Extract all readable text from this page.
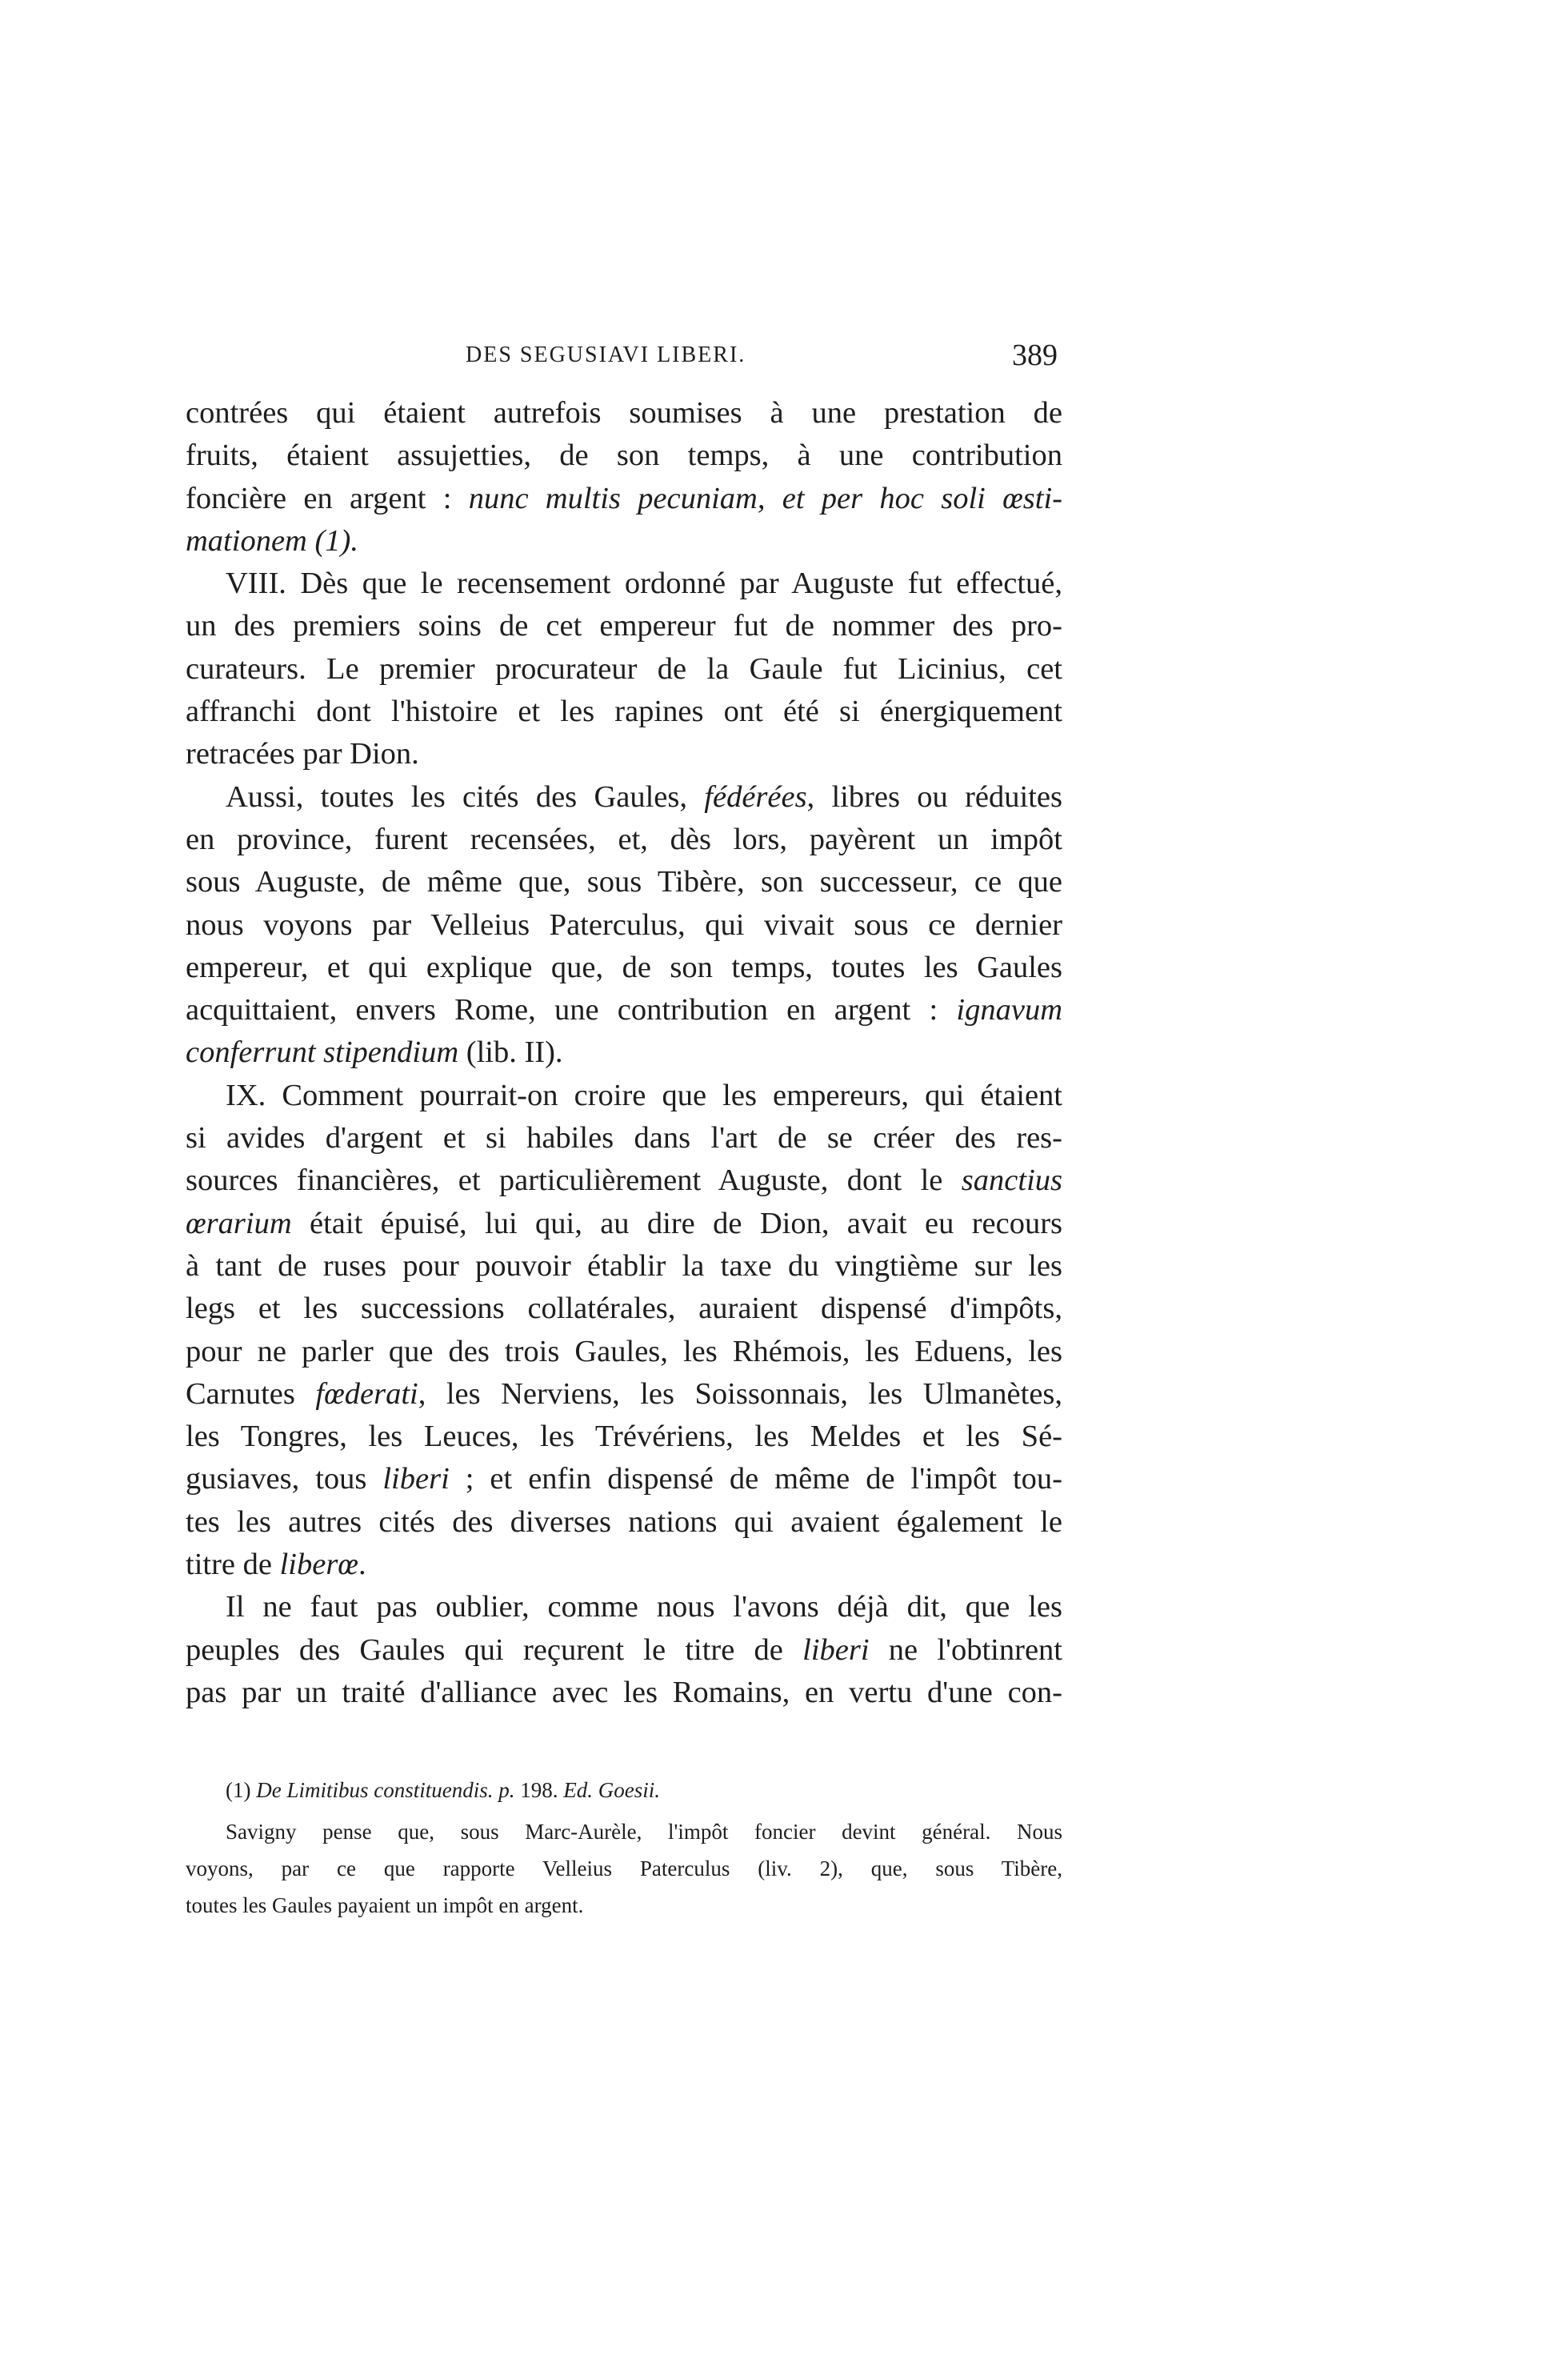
DES SEGUSIAVI LIBERI.	389
contrées qui étaient autrefois soumises à une prestation de
fruits, étaient assujetties, de son temps, à une contribution
foncière en argent : nunc multis pecuniam, et per hoc soli œsti-
mationem (1).
VIII. Dès que le recensement ordonné par Auguste fut effectué,
un des premiers soins de cet empereur fut de nommer des pro-
curateurs. Le premier procurateur de la Gaule fut Licinius, cet
affranchi dont l'histoire et les rapines ont été si énergiquement
retracées par Dion.
Aussi, toutes les cités des Gaules, fédérées, libres ou réduites
en province, furent recensées, et, dès lors, payèrent un impôt
sous Auguste, de même que, sous Tibère, son successeur, ce que
nous voyons par Velleius Paterculus, qui vivait sous ce dernier
empereur, et qui explique que, de son temps, toutes les Gaules
acquittaient, envers Rome, une contribution en argent : ignavum
conferrunt stipendium (lib. II).
IX. Comment pourrait-on croire que les empereurs, qui étaient
si avides d'argent et si habiles dans l'art de se créer des res-
sources financières, et particulièrement Auguste, dont le sanctius
œrarium était épuisé, lui qui, au dire de Dion, avait eu recours
à tant de ruses pour pouvoir établir la taxe du vingtième sur les
legs et les successions collatérales, auraient dispensé d'impôts,
pour ne parler que des trois Gaules, les Rhémois, les Eduens, les
Carnutes fœderati, les Nerviens, les Soissonnais, les Ulmanètes,
les Tongres, les Leuces, les Trévériens, les Meldes et les Sé-
gusiaves, tous liberi ; et enfin dispensé de même de l'impôt tou-
tes les autres cités des diverses nations qui avaient également le
titre de liberœ.
Il ne faut pas oublier, comme nous l'avons déjà dit, que les
peuples des Gaules qui reçurent le titre de liberi ne l'obtinrent
pas par un traité d'alliance avec les Romains, en vertu d'une con-
(1) De Limitibus constituendis. p. 198. Ed. Goesii.
Savigny pense que, sous Marc-Aurèle, l'impôt foncier devint général. Nous
voyons, par ce que rapporte Velleius Paterculus (liv. 2), que, sous Tibère,
toutes les Gaules payaient un impôt en argent.
